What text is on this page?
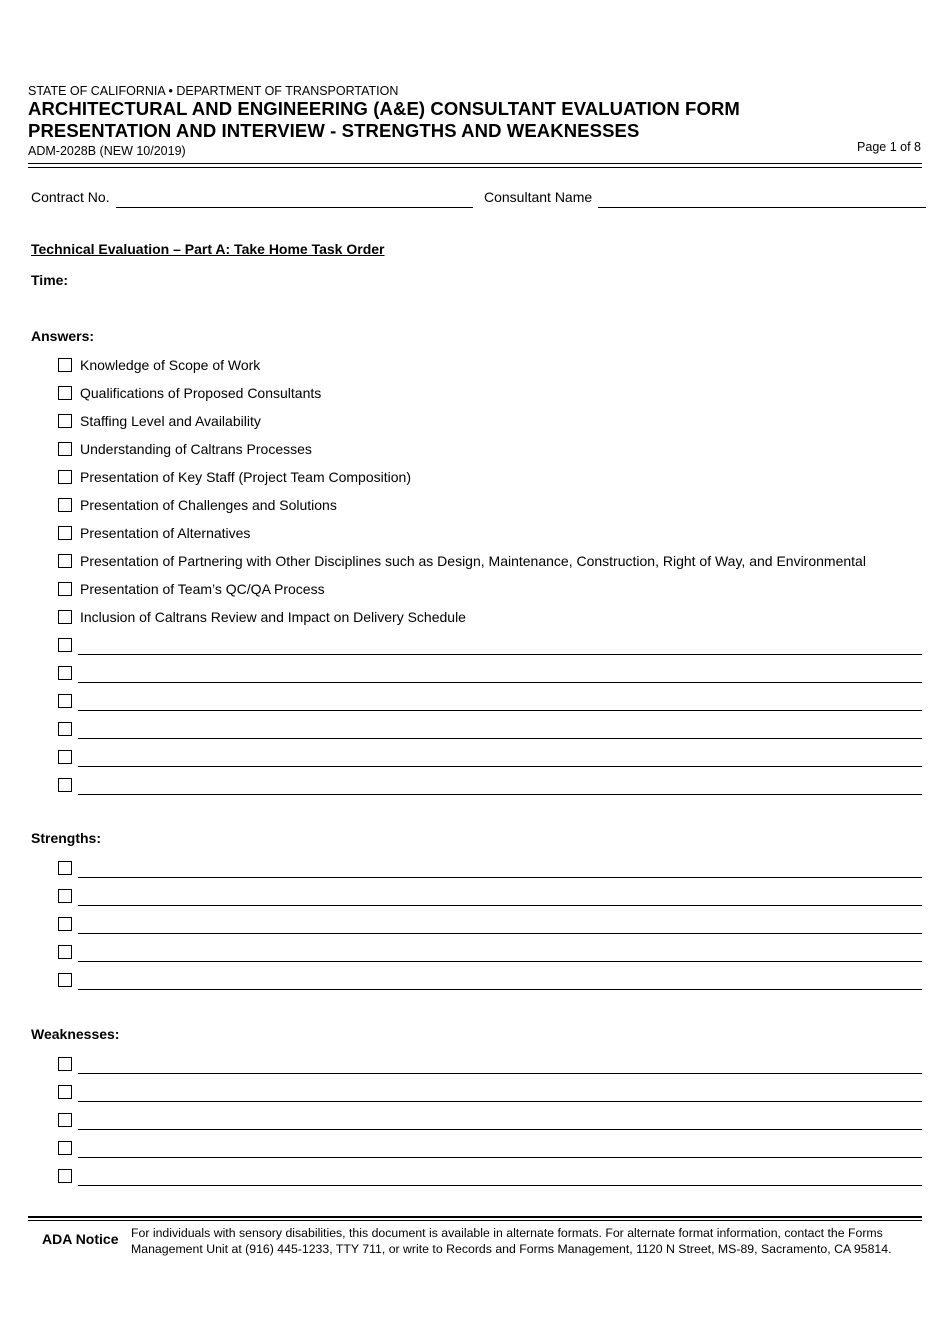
STATE OF CALIFORNIA • DEPARTMENT OF TRANSPORTATION
ARCHITECTURAL AND ENGINEERING (A&E) CONSULTANT EVALUATION FORM
PRESENTATION AND INTERVIEW - STRENGTHS AND WEAKNESSES
ADM-2028B (NEW 10/2019)	Page 1 of 8
Contract No.	Consultant Name
Technical Evaluation – Part A: Take Home Task Order
Time:
Answers:
Knowledge of Scope of Work
Qualifications of Proposed Consultants
Staffing Level and Availability
Understanding of Caltrans Processes
Presentation of Key Staff (Project Team Composition)
Presentation of Challenges and Solutions
Presentation of Alternatives
Presentation of Partnering with Other Disciplines such as Design, Maintenance, Construction, Right of Way, and Environmental
Presentation of Team’s QC/QA Process
Inclusion of Caltrans Review and Impact on Delivery Schedule
Strengths:
Weaknesses:
ADA Notice For individuals with sensory disabilities, this document is available in alternate formats. For alternate format information, contact the Forms Management Unit at (916) 445-1233, TTY 711, or write to Records and Forms Management, 1120 N Street, MS-89, Sacramento, CA 95814.
